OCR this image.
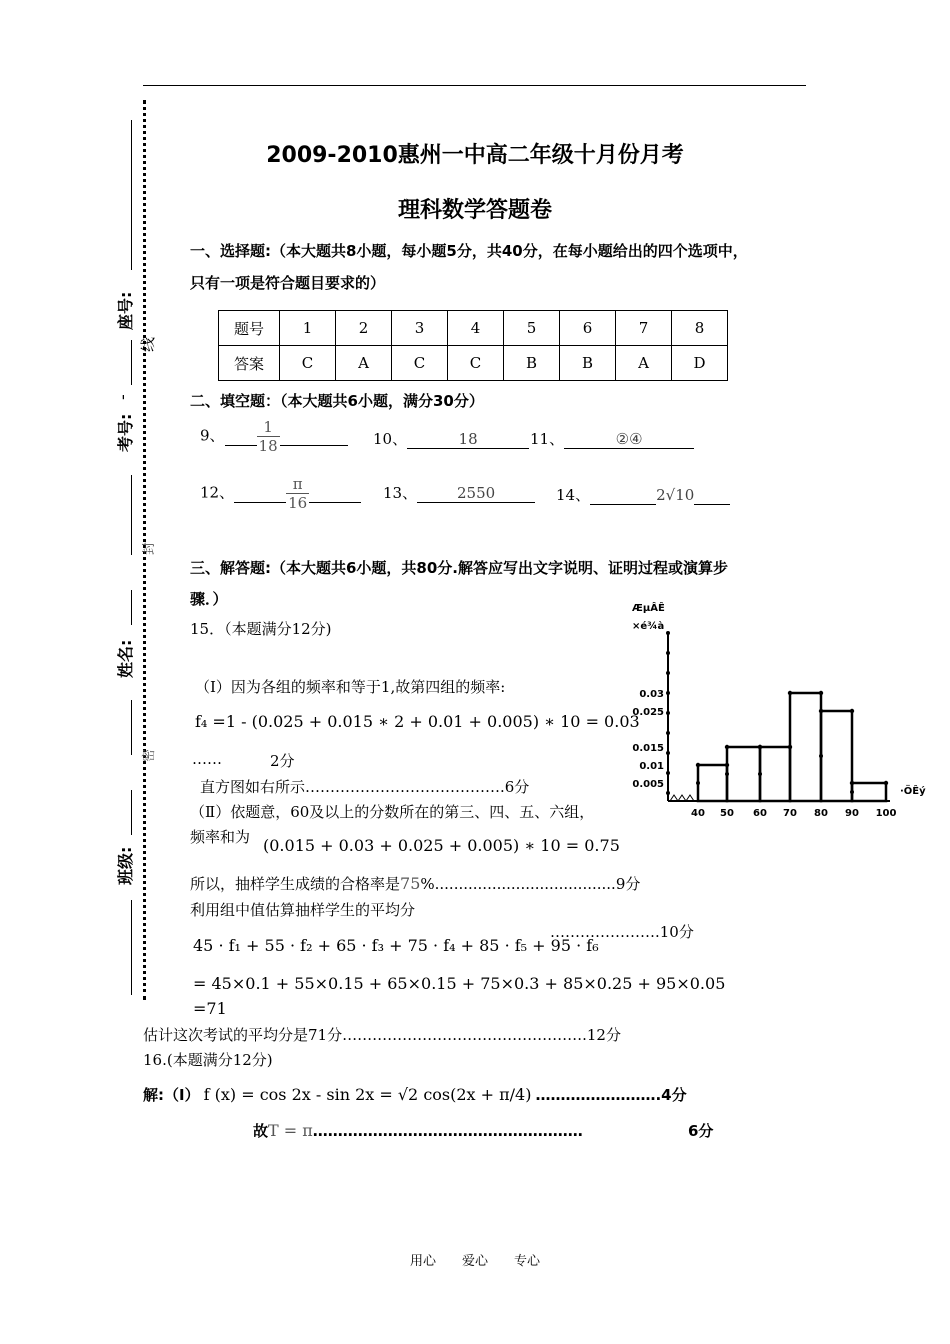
座号:
线
-
考号:
封
姓名:
密
班级:
2009-2010惠州一中高二年级十月份月考
理科数学答题卷
一、选择题:（本大题共8小题，每小题5分，共40分，在每小题给出的四个选项中，
只有一项是符合题目要求的）
题号	1	2	3	4	5	6	7	8
答案	C	A	C	C	B	B	A	D
二、填空题：（本大题共6小题，满分30分）
9、 $\frac{1}{18}$
	10、	18	11、	②④
12、	$\frac{\pi}{16}$
	13、	2550	14、	2√10
三、解答题:（本大题共6小题，共80分.解答应写出文字说明、证明过程或演算步
骤．）
15．（本题满分12分)
（Ⅰ）因为各组的频率和等于1,故第四组的频率:
f₄ =1 - (0.025 + 0.015 ∗ 2 + 0.01 + 0.005) ∗ 10 = 0.03
……	2分
直方图如右所示………………………………….6分
（Ⅱ）依题意，60及以上的分数所在的第三、四、五、六组，
频率和为 (0.015 + 0.03 + 0.025 + 0.005) ∗ 10 = 0.75
所以，抽样学生成绩的合格率是75%......................................9分
利用组中值估算抽样学生的平均分
45 · f₁ + 55 · f₂ + 65 · f₃ + 75 · f₄ + 85 · f₅ + 95 · f₆
………………….10分
= 45×0.1 + 55×0.15 + 65×0.15 + 75×0.3 + 85×0.25 + 95×0.05
=71
估计这次考试的平均分是71分………………………………………….12分
16.(本题满分12分)
解:（Ⅰ） f (x) = cos 2x - sin 2x = √2 cos(2x + π/4) …………………….4分
故T = π………………………………………………	6分
ÆµÂÊ
×é¾à
0.03
0.025
0.015
0.01
0.005
40 50 60 70 80 90 100
·ÖÊý
用心　　爱心　　专心
